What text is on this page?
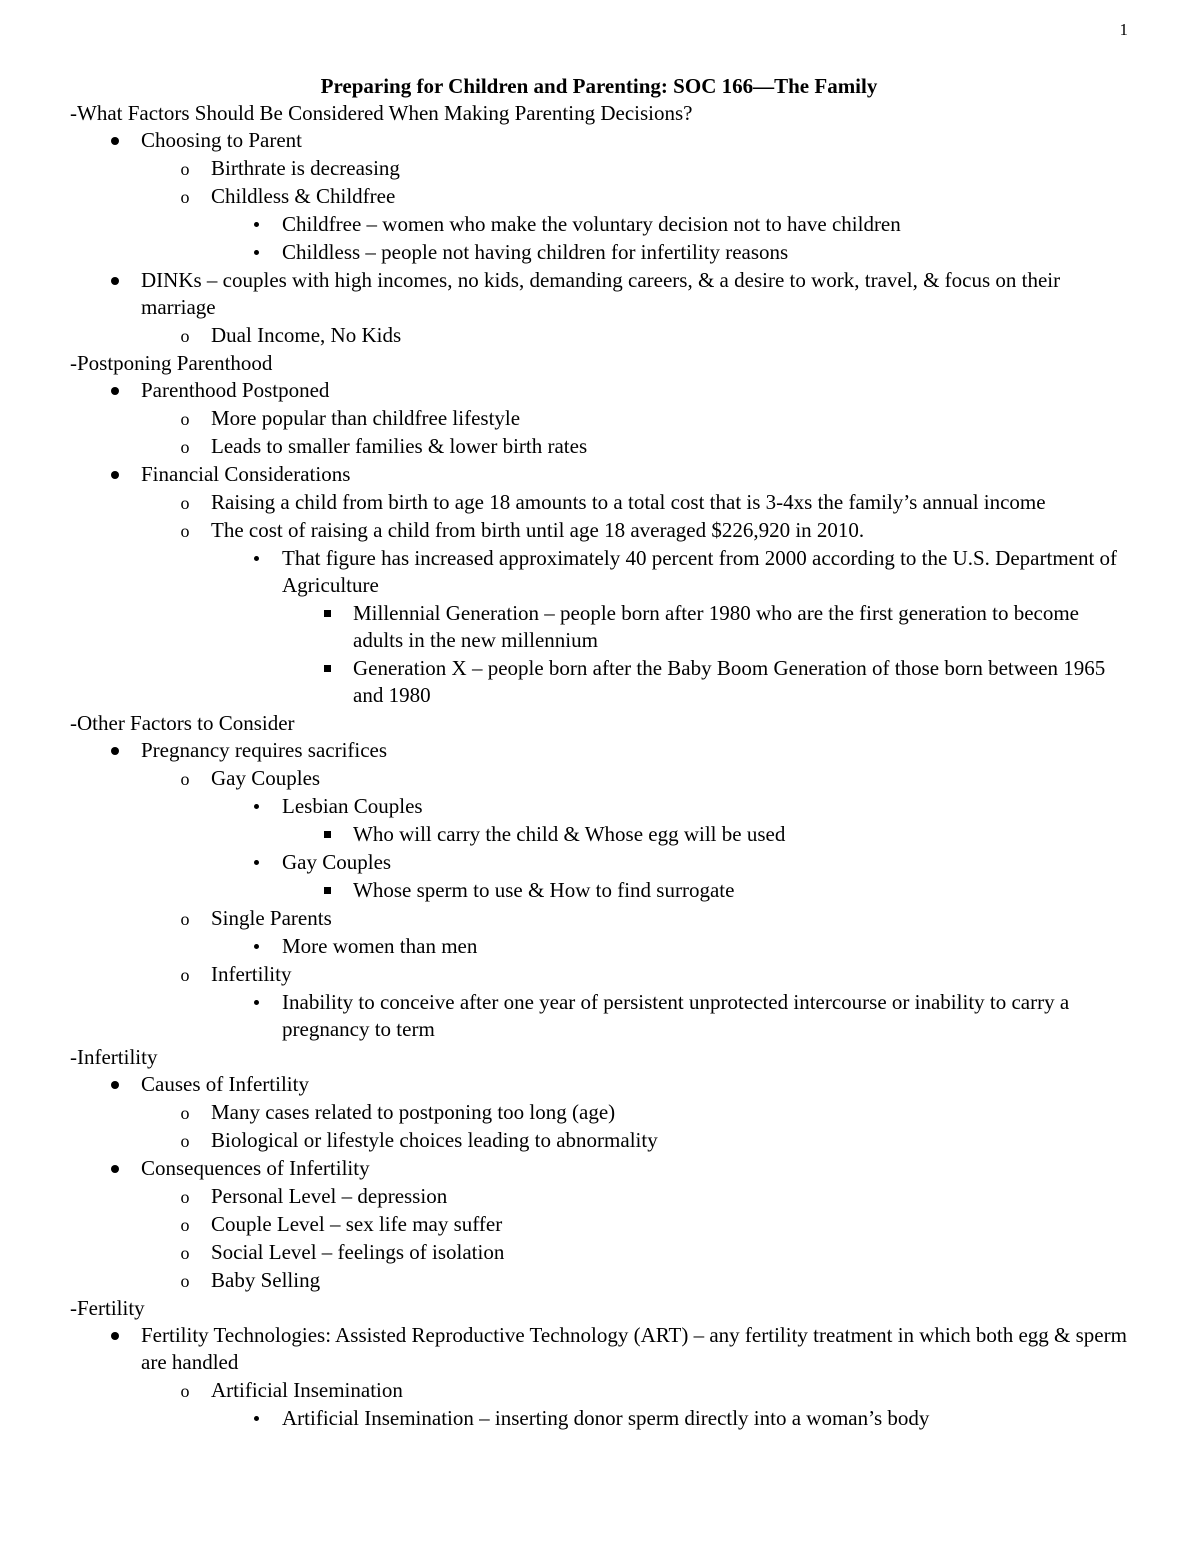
1
Preparing for Children and Parenting: SOC 166—The Family
-What Factors Should Be Considered When Making Parenting Decisions?
Choosing to Parent
o Birthrate is decreasing
o Childless & Childfree
Childfree – women who make the voluntary decision not to have children
Childless – people not having children for infertility reasons
DINKs – couples with high incomes, no kids, demanding careers, & a desire to work, travel, & focus on their marriage
o Dual Income, No Kids
-Postponing Parenthood
Parenthood Postponed
o More popular than childfree lifestyle
o Leads to smaller families & lower birth rates
Financial Considerations
o Raising a child from birth to age 18 amounts to a total cost that is 3-4xs the family’s annual income
o The cost of raising a child from birth until age 18 averaged $226,920 in 2010.
That figure has increased approximately 40 percent from 2000 according to the U.S. Department of Agriculture
Millennial Generation – people born after 1980 who are the first generation to become adults in the new millennium
Generation X – people born after the Baby Boom Generation of those born between 1965 and 1980
-Other Factors to Consider
Pregnancy requires sacrifices
o Gay Couples
Lesbian Couples
Who will carry the child & Whose egg will be used
Gay Couples
Whose sperm to use & How to find surrogate
o Single Parents
More women than men
o Infertility
Inability to conceive after one year of persistent unprotected intercourse or inability to carry a pregnancy to term
-Infertility
Causes of Infertility
o Many cases related to postponing too long (age)
o Biological or lifestyle choices leading to abnormality
Consequences of Infertility
o Personal Level – depression
o Couple Level – sex life may suffer
o Social Level – feelings of isolation
o Baby Selling
-Fertility
Fertility Technologies: Assisted Reproductive Technology (ART) – any fertility treatment in which both egg & sperm are handled
o Artificial Insemination
Artificial Insemination – inserting donor sperm directly into a woman’s body
